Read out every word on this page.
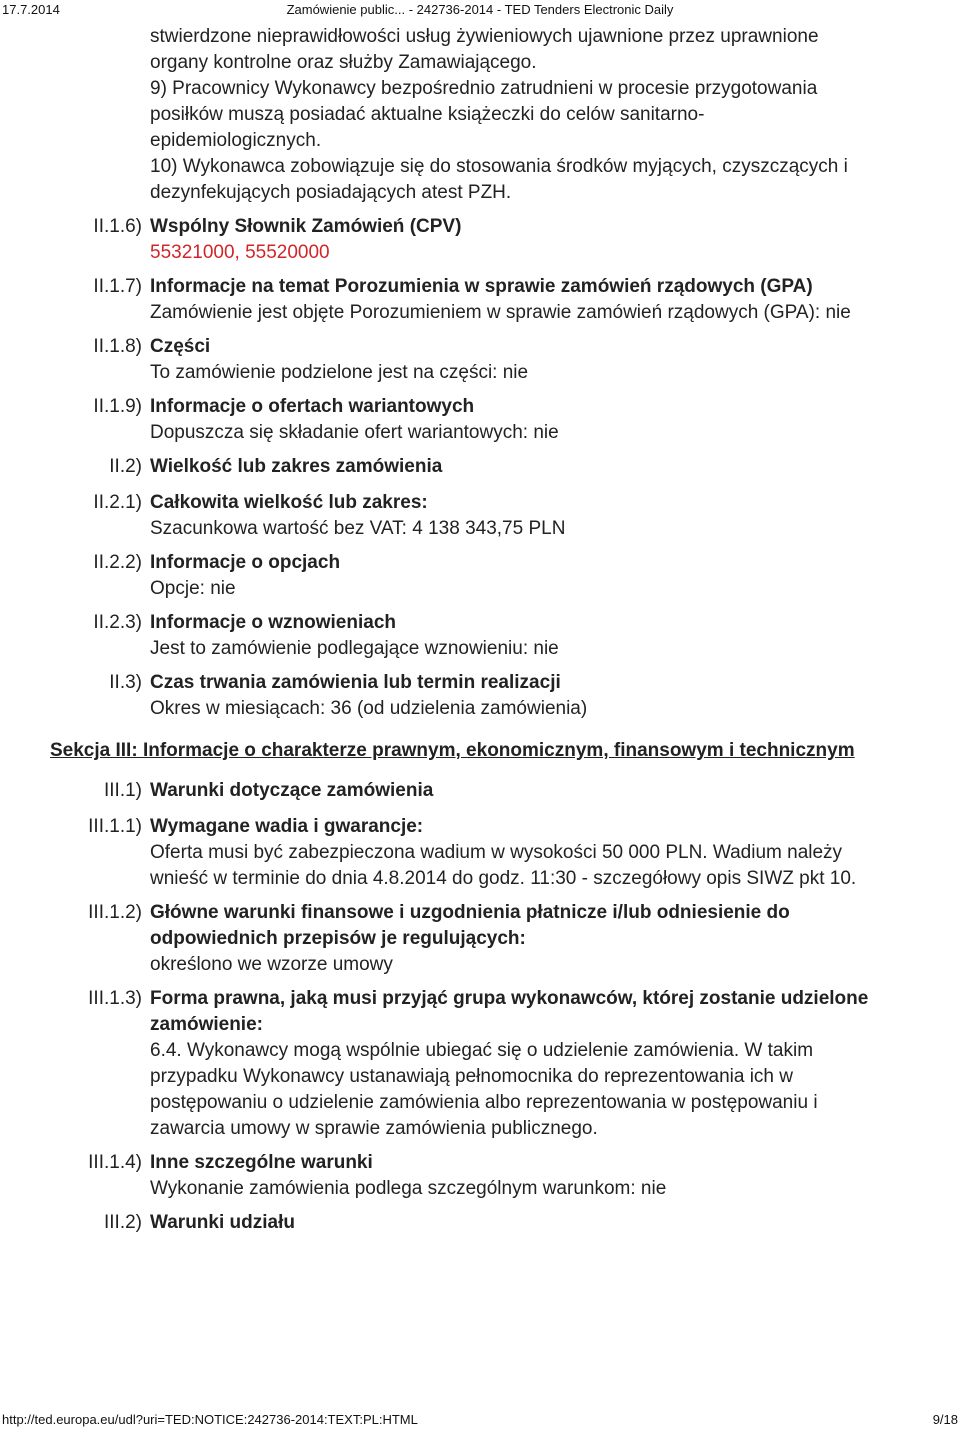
17.7.2014	Zamówienie public... - 242736-2014 - TED Tenders Electronic Daily
stwierdzone nieprawidłowości usług żywieniowych ujawnione przez uprawnione organy kontrolne oraz służby Zamawiającego.
9) Pracownicy Wykonawcy bezpośrednio zatrudnieni w procesie przygotowania posiłków muszą posiadać aktualne książeczki do celów sanitarno-epidemiologicznych.
10) Wykonawca zobowiązuje się do stosowania środków myjących, czyszczących i dezynfekujących posiadających atest PZH.
II.1.6) Wspólny Słownik Zamówień (CPV)
55321000, 55520000
II.1.7) Informacje na temat Porozumienia w sprawie zamówień rządowych (GPA)
Zamówienie jest objęte Porozumieniem w sprawie zamówień rządowych (GPA): nie
II.1.8) Części
To zamówienie podzielone jest na części: nie
II.1.9) Informacje o ofertach wariantowych
Dopuszcza się składanie ofert wariantowych: nie
II.2) Wielkość lub zakres zamówienia
II.2.1) Całkowita wielkość lub zakres:
Szacunkowa wartość bez VAT: 4 138 343,75 PLN
II.2.2) Informacje o opcjach
Opcje: nie
II.2.3) Informacje o wznowieniach
Jest to zamówienie podlegające wznowieniu: nie
II.3) Czas trwania zamówienia lub termin realizacji
Okres w miesiącach: 36 (od udzielenia zamówienia)
Sekcja III: Informacje o charakterze prawnym, ekonomicznym, finansowym i technicznym
III.1) Warunki dotyczące zamówienia
III.1.1) Wymagane wadia i gwarancje:
Oferta musi być zabezpieczona wadium w wysokości 50 000 PLN. Wadium należy wnieść w terminie do dnia 4.8.2014 do godz. 11:30 - szczegółowy opis SIWZ pkt 10.
III.1.2) Główne warunki finansowe i uzgodnienia płatnicze i/lub odniesienie do odpowiednich przepisów je regulujących:
określono we wzorze umowy
III.1.3) Forma prawna, jaką musi przyjąć grupa wykonawców, której zostanie udzielone zamówienie:
6.4. Wykonawcy mogą wspólnie ubiegać się o udzielenie zamówienia. W takim przypadku Wykonawcy ustanawiają pełnomocnika do reprezentowania ich w postępowaniu o udzielenie zamówienia albo reprezentowania w postępowaniu i zawarcia umowy w sprawie zamówienia publicznego.
III.1.4) Inne szczególne warunki
Wykonanie zamówienia podlega szczególnym warunkom: nie
III.2) Warunki udziału
http://ted.europa.eu/udl?uri=TED:NOTICE:242736-2014:TEXT:PL:HTML	9/18
